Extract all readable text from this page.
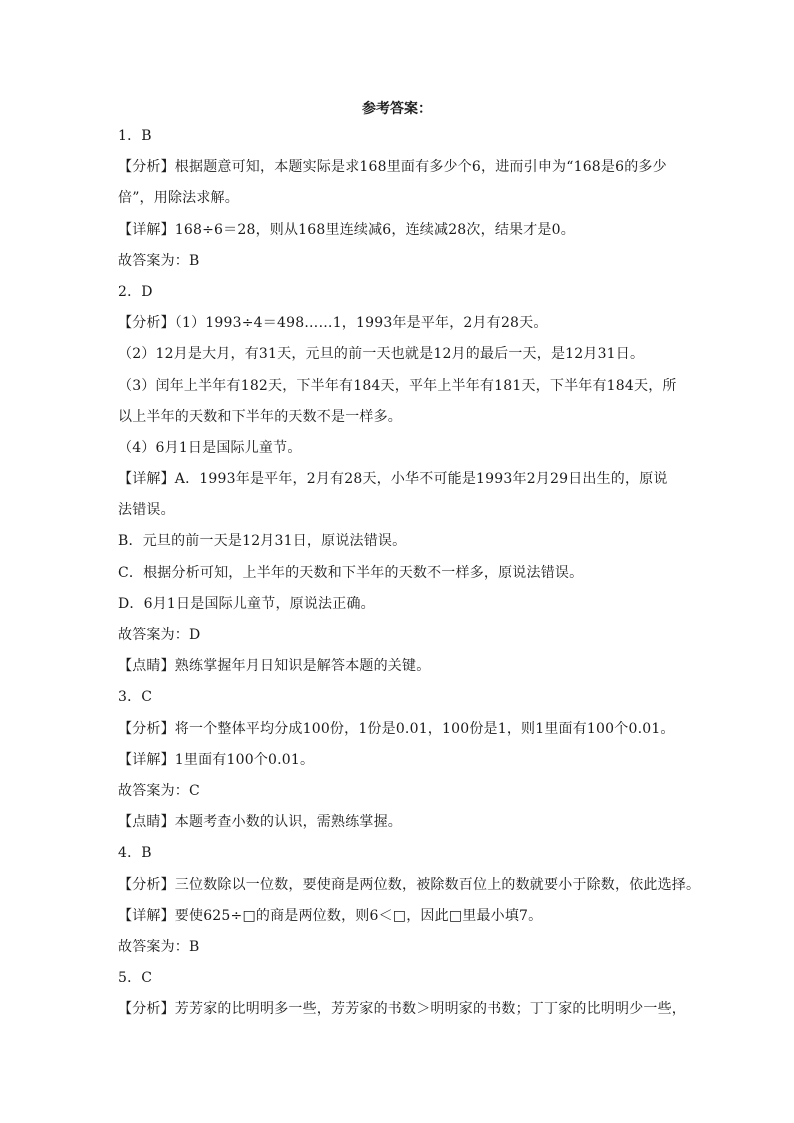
参考答案：
1．B
【分析】根据题意可知，本题实际是求168里面有多少个6，进而引申为“168是6的多少
倍”，用除法求解。
【详解】168÷6＝28，则从168里连续减6，连续减28次，结果才是0。
故答案为：B
2．D
【分析】（1）1993÷4＝498……1，1993年是平年，2月有28天。
（2）12月是大月，有31天，元旦的前一天也就是12月的最后一天，是12月31日。
（3）闰年上半年有182天，下半年有184天，平年上半年有181天，下半年有184天，所
以上半年的天数和下半年的天数不是一样多。
（4）6月1日是国际儿童节。
【详解】A．1993年是平年，2月有28天，小华不可能是1993年2月29日出生的，原说
法错误。
B．元旦的前一天是12月31日，原说法错误。
C．根据分析可知，上半年的天数和下半年的天数不一样多，原说法错误。
D．6月1日是国际儿童节，原说法正确。
故答案为：D
【点睛】熟练掌握年月日知识是解答本题的关键。
3．C
【分析】将一个整体平均分成100份，1份是0.01，100份是1，则1里面有100个0.01。
【详解】1里面有100个0.01。
故答案为：C
【点睛】本题考查小数的认识，需熟练掌握。
4．B
【分析】三位数除以一位数，要使商是两位数，被除数百位上的数就要小于除数，依此选择。
【详解】要使625÷□的商是两位数，则6＜□，因此□里最小填7。
故答案为：B
5．C
【分析】芳芳家的比明明多一些，芳芳家的书数＞明明家的书数；丁丁家的比明明少一些，
